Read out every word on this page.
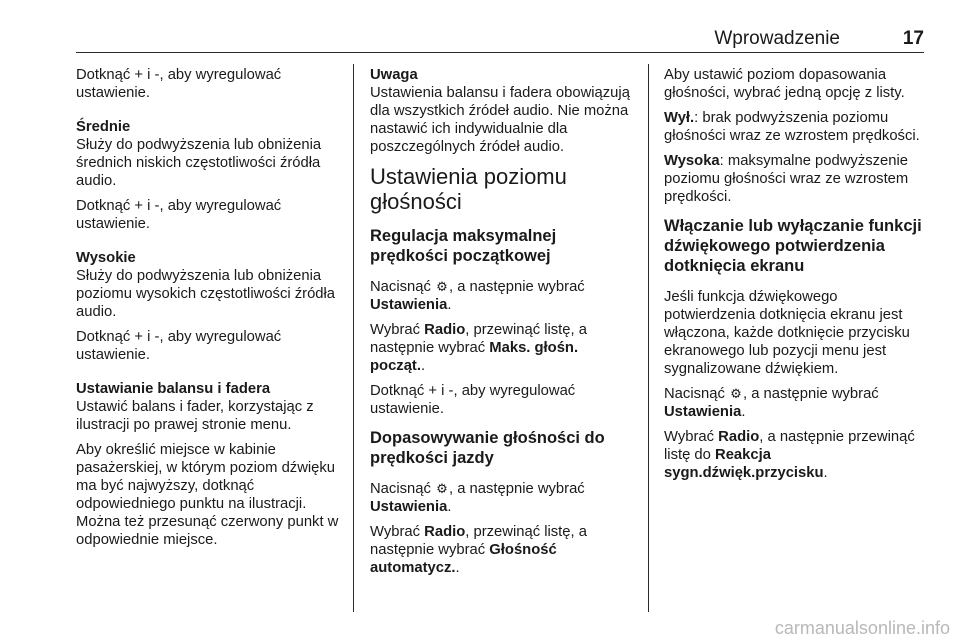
Wprowadzenie	17

Dotknąć + i -, aby wyregulować ustawienie.

Średnie

Służy do podwyższenia lub obniżenia średnich niskich częstotliwości źródła audio.

Dotknąć + i -, aby wyregulować ustawienie.

Wysokie

Służy do podwyższenia lub obniżenia poziomu wysokich częstotliwości źródła audio.

Dotknąć + i -, aby wyregulować ustawienie.

Ustawianie balansu i fadera

Ustawić balans i fader, korzystając z ilustracji po prawej stronie menu.

Aby określić miejsce w kabinie pasażerskiej, w którym poziom dźwięku ma być najwyższy, dotknąć odpowiedniego punktu na ilustracji. Można też przesunąć czerwony punkt w odpowiednie miejsce.

Uwaga

Ustawienia balansu i fadera obowiązują dla wszystkich źródeł audio. Nie można nastawić ich indywidualnie dla poszczególnych źródeł audio.

Ustawienia poziomu głośności
Regulacja maksymalnej prędkości początkowej

Nacisnąć ⚙, a następnie wybrać Ustawienia.

Wybrać Radio, przewinąć listę, a następnie wybrać Maks. głośn. począt..

Dotknąć + i -, aby wyregulować ustawienie.

Dopasowywanie głośności do prędkości jazdy

Nacisnąć ⚙, a następnie wybrać Ustawienia.

Wybrać Radio, przewinąć listę, a następnie wybrać Głośność automatycz..

Aby ustawić poziom dopasowania głośności, wybrać jedną opcję z listy.

Wył.: brak podwyższenia poziomu głośności wraz ze wzrostem prędkości.

Wysoka: maksymalne podwyższenie poziomu głośności wraz ze wzrostem prędkości.

Włączanie lub wyłączanie funkcji dźwiękowego potwierdzenia dotknięcia ekranu

Jeśli funkcja dźwiękowego potwierdzenia dotknięcia ekranu jest włączona, każde dotknięcie przycisku ekranowego lub pozycji menu jest sygnalizowane dźwiękiem.

Nacisnąć ⚙, a następnie wybrać Ustawienia.

Wybrać Radio, a następnie przewinąć listę do Reakcja sygn.dźwięk.przycisku.

carmanualsonline.info
